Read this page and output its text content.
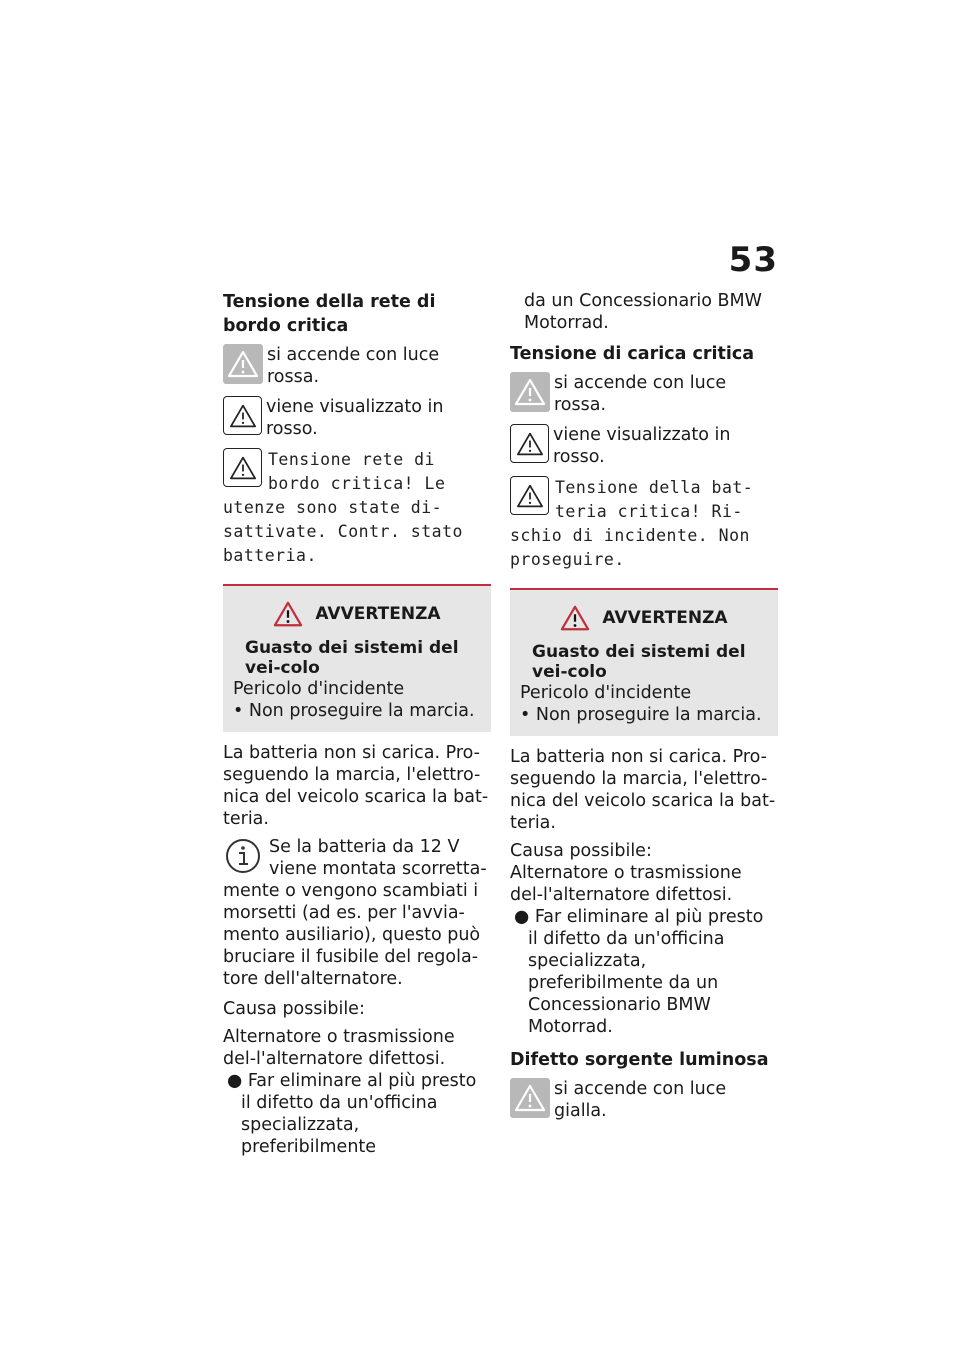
53
Tensione della rete di bordo critica
si accende con luce rossa.
viene visualizzato in rosso.
Tensione rete di bordo critica! Le utenze sono state di-sattivate. Contr. stato batteria.
AVVERTENZA
Guasto dei sistemi del vei-colo
Pericolo d'incidente
• Non proseguire la marcia.
La batteria non si carica. Pro-seguendo la marcia, l'elettro-nica del veicolo scarica la bat-teria.
Se la batteria da 12 V viene montata scorretta-mente o vengono scambiati i morsetti (ad es. per l'avvia-mento ausiliario), questo può bruciare il fusibile del regola-tore dell'alternatore.
Causa possibile:
Alternatore o trasmissione del-l'alternatore difettosi.
● Far eliminare al più presto il difetto da un'officina specializzata, preferibilmente
da un Concessionario BMW Motorrad.
Tensione di carica critica
si accende con luce rossa.
viene visualizzato in rosso.
Tensione della bat-teria critica! Ri-schio di incidente. Non proseguire.
AVVERTENZA
Guasto dei sistemi del vei-colo
Pericolo d'incidente
• Non proseguire la marcia.
La batteria non si carica. Pro-seguendo la marcia, l'elettro-nica del veicolo scarica la bat-teria.
Causa possibile:
Alternatore o trasmissione del-l'alternatore difettosi.
● Far eliminare al più presto il difetto da un'officina specializzata, preferibilmente da un Concessionario BMW Motorrad.
Difetto sorgente luminosa
si accende con luce gialla.
